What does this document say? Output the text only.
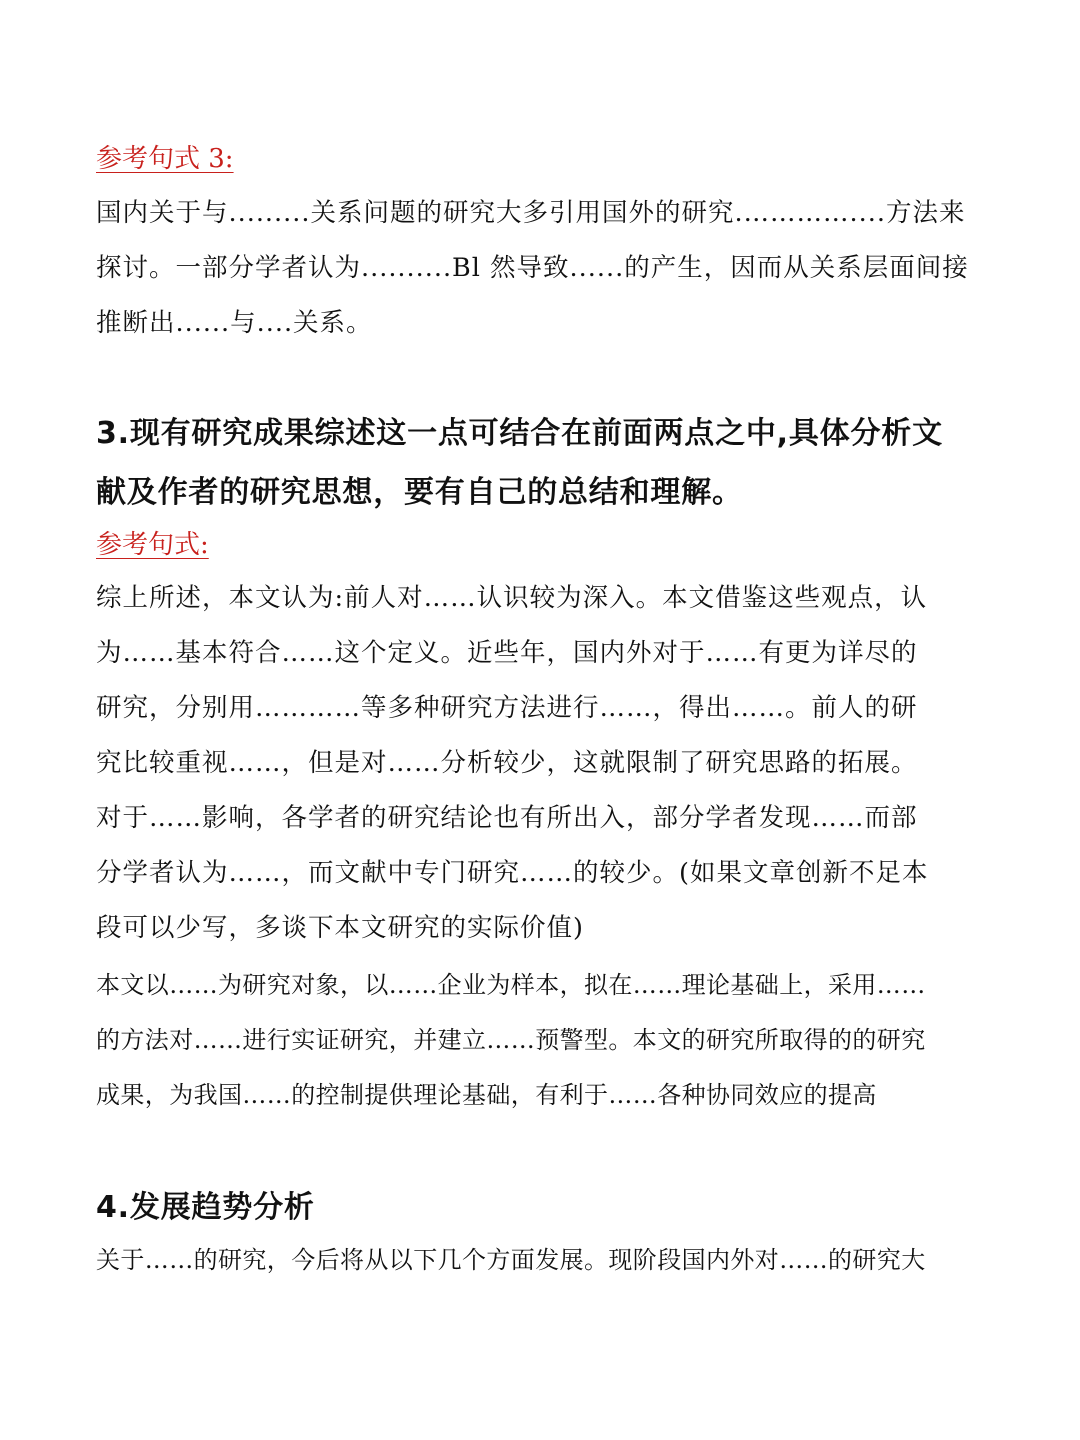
参考句式 3:
国内关于与.........关系问题的研究大多引用国外的研究.…………....方法来
探讨。一部分学者认为..........Bl 然导致......的产生，因而从关系层面间接
推断出......与....关系。
3.现有研究成果综述这一点可结合在前面两点之中,具体分析文
献及作者的研究思想，要有自己的总结和理解。
参考句式:
综上所述，本文认为:前人对……认识较为深入。本文借鉴这些观点，认
为……基本符合……这个定义。近些年，国内外对于……有更为详尽的
研究，分别用…………等多种研究方法进行……，得出……。前人的研
究比较重视……，但是对……分析较少，这就限制了研究思路的拓展。
对于……影响，各学者的研究结论也有所出入，部分学者发现……而部
分学者认为……，而文献中专门研究……的较少。(如果文章创新不足本
段可以少写，多谈下本文研究的实际价值)
本文以……为研究对象，以……企业为样本，拟在……理论基础上，采用……
的方法对……进行实证研究，并建立……预警型。本文的研究所取得的的研究
成果，为我国……的控制提供理论基础，有利于……各种协同效应的提高
4.发展趋势分析
关于……的研究，今后将从以下几个方面发展。现阶段国内外对……的研究大
